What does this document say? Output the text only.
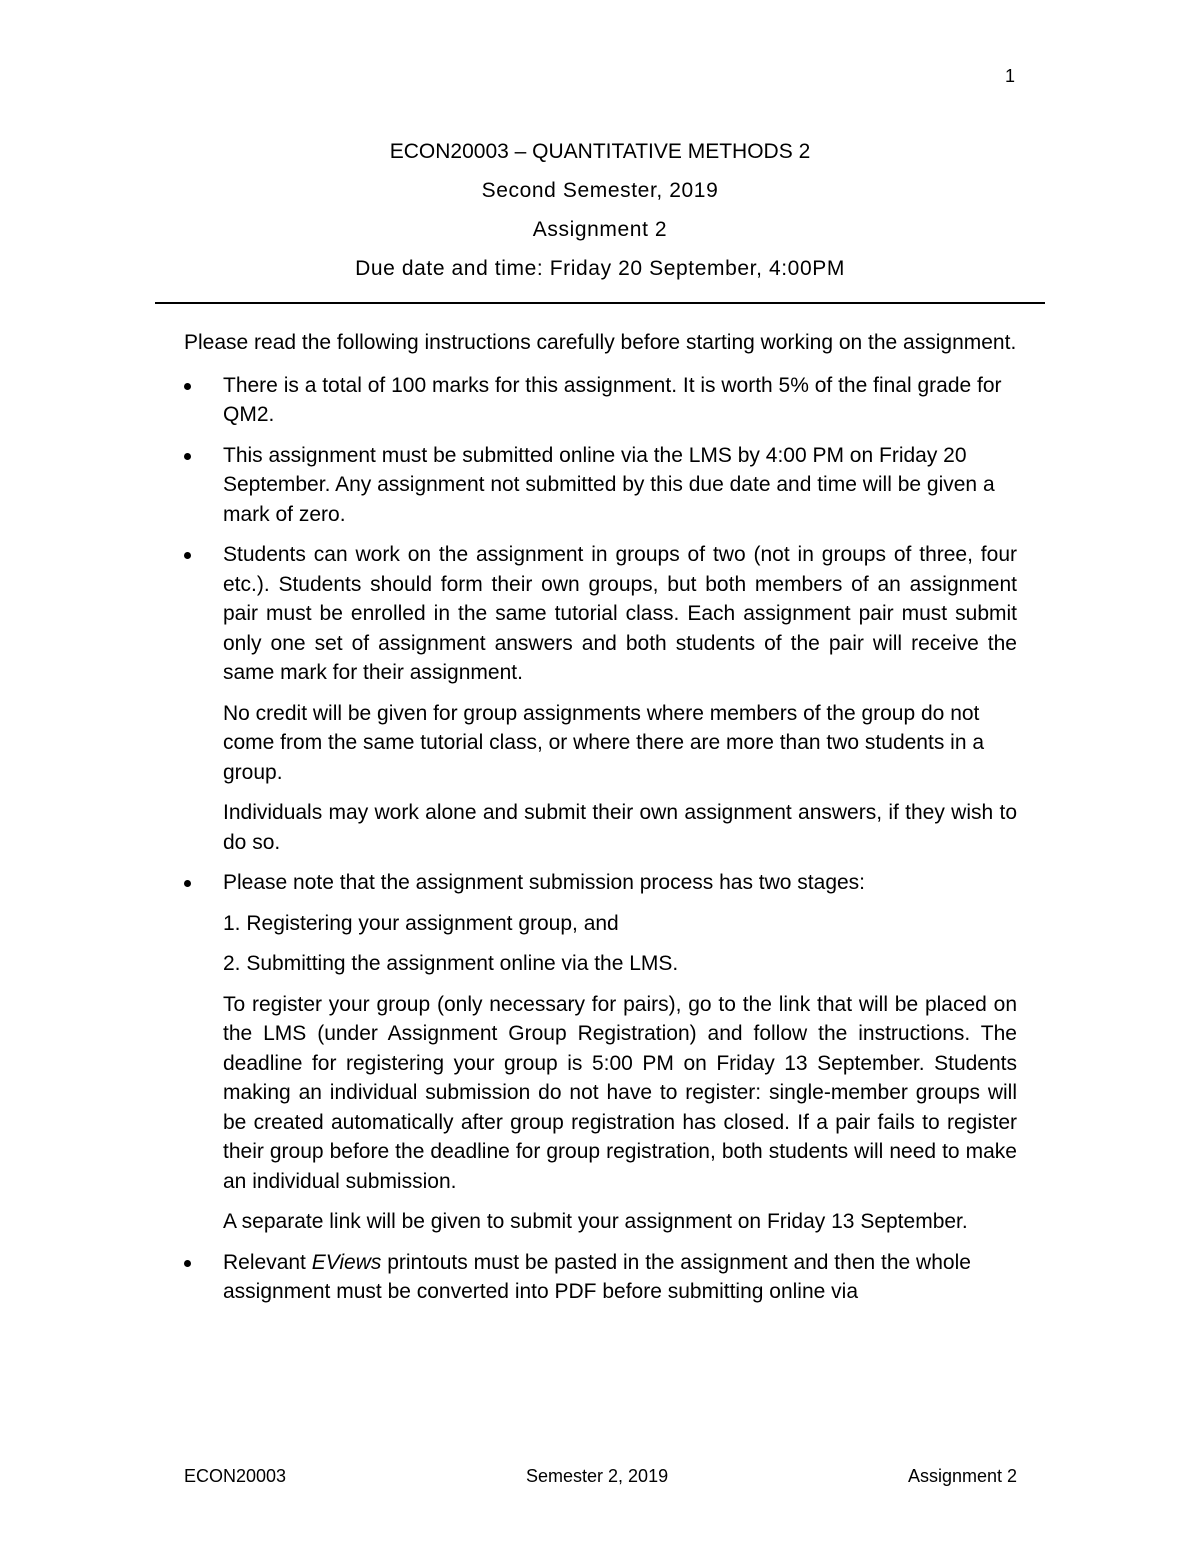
1
ECON20003 – QUANTITATIVE METHODS 2
Second Semester, 2019
Assignment 2
Due date and time: Friday 20 September, 4:00PM

Please read the following instructions carefully before starting working on the assignment.

There is a total of 100 marks for this assignment. It is worth 5% of the final grade for QM2.

This assignment must be submitted online via the LMS by 4:00 PM on Friday 20 September. Any assignment not submitted by this due date and time will be given a mark of zero.

Students can work on the assignment in groups of two (not in groups of three, four etc.). Students should form their own groups, but both members of an assignment pair must be enrolled in the same tutorial class. Each assignment pair must submit only one set of assignment answers and both students of the pair will receive the same mark for their assignment.

No credit will be given for group assignments where members of the group do not come from the same tutorial class, or where there are more than two students in a group.

Individuals may work alone and submit their own assignment answers, if they wish to do so.

Please note that the assignment submission process has two stages:

1. Registering your assignment group, and

2. Submitting the assignment online via the LMS.

To register your group (only necessary for pairs), go to the link that will be placed on the LMS (under Assignment Group Registration) and follow the instructions. The deadline for registering your group is 5:00 PM on Friday 13 September. Students making an individual submission do not have to register: single-member groups will be created automatically after group registration has closed. If a pair fails to register their group before the deadline for group registration, both students will need to make an individual submission.

A separate link will be given to submit your assignment on Friday 13 September.

Relevant EViews printouts must be pasted in the assignment and then the whole assignment must be converted into PDF before submitting online via

ECON20003	Semester 2, 2019	Assignment 2
